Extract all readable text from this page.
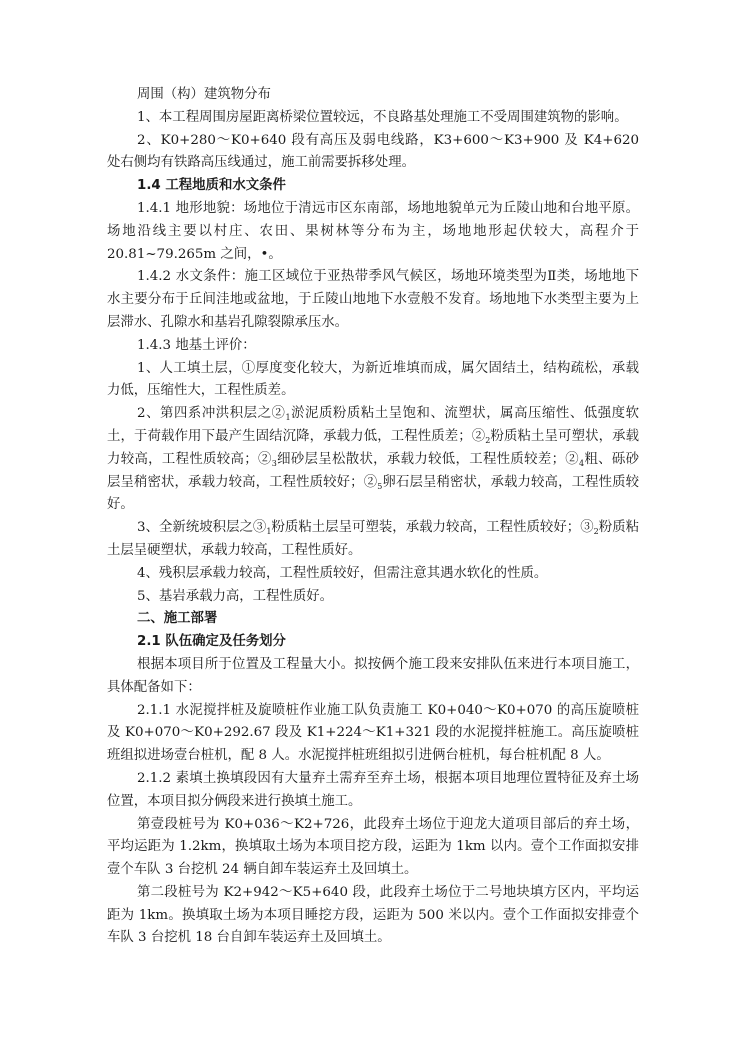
周围（构）建筑物分布

1、本工程周围房屋距离桥梁位置较远，不良路基处理施工不受周围建筑物的影响。

2、K0+280～K0+640 段有高压及弱电线路，K3+600～K3+900 及 K4+620 处右侧均有铁路高压线通过，施工前需要拆移处理。

1.4 工程地质和水文条件

1.4.1 地形地貌：场地位于清远市区东南部，场地地貌单元为丘陵山地和台地平原。场地沿线主要以村庄、农田、果树林等分布为主，场地地形起伏较大，高程介于 20.81~79.265m 之间，•。

1.4.2 水文条件：施工区域位于亚热带季风气候区，场地环境类型为Ⅱ类，场地地下水主要分布于丘间洼地或盆地，于丘陵山地地下水壹般不发育。场地地下水类型主要为上层滞水、孔隙水和基岩孔隙裂隙承压水。

1.4.3 地基土评价：

1、人工填土层，①厚度变化较大，为新近堆填而成，属欠固结土，结构疏松，承载力低，压缩性大，工程性质差。

2、第四系冲洪积层之$②_1$淤泥质粉质粘土呈饱和、流塑状，属高压缩性、低强度软土，于荷载作用下最产生固结沉降，承载力低，工程性质差；$②_2$粉质粘土呈可塑状，承载力较高，工程性质较高；$②_3$细砂层呈松散状，承载力较低，工程性质较差；$②_4$粗、砾砂层呈稍密状，承载力较高，工程性质较好；$②_5$卵石层呈稍密状，承载力较高，工程性质较好。

3、全新统坡积层之$③_1$粉质粘土层呈可塑装，承载力较高，工程性质较好；$③_2$粉质粘土层呈硬塑状，承载力较高，工程性质好。

4、残积层承载力较高，工程性质较好，但需注意其遇水软化的性质。

5、基岩承载力高，工程性质好。

二、施工部署

2.1 队伍确定及任务划分

根据本项目所于位置及工程量大小。拟按俩个施工段来安排队伍来进行本项目施工，具体配备如下：

2.1.1 水泥搅拌桩及旋喷桩作业施工队负责施工 K0+040～K0+070 的高压旋喷桩及 K0+070～K0+292.67 段及 K1+224～K1+321 段的水泥搅拌桩施工。高压旋喷桩班组拟进场壹台桩机，配 8 人。水泥搅拌桩班组拟引进俩台桩机，每台桩机配 8 人。

2.1.2 素填土换填段因有大量弃土需弃至弃土场，根据本项目地理位置特征及弃土场位置，本项目拟分俩段来进行换填土施工。

第壹段桩号为 K0+036～K2+726，此段弃土场位于迎龙大道项目部后的弃土场，平均运距为 1.2km，换填取土场为本项目挖方段，运距为 1km 以内。壹个工作面拟安排壹个车队 3 台挖机 24 辆自卸车装运弃土及回填土。

第二段桩号为 K2+942～K5+640 段，此段弃土场位于二号地块填方区内，平均运距为 1km。换填取土场为本项目睡挖方段，运距为 500 米以内。壹个工作面拟安排壹个车队 3 台挖机 18 台自卸车装运弃土及回填土。
